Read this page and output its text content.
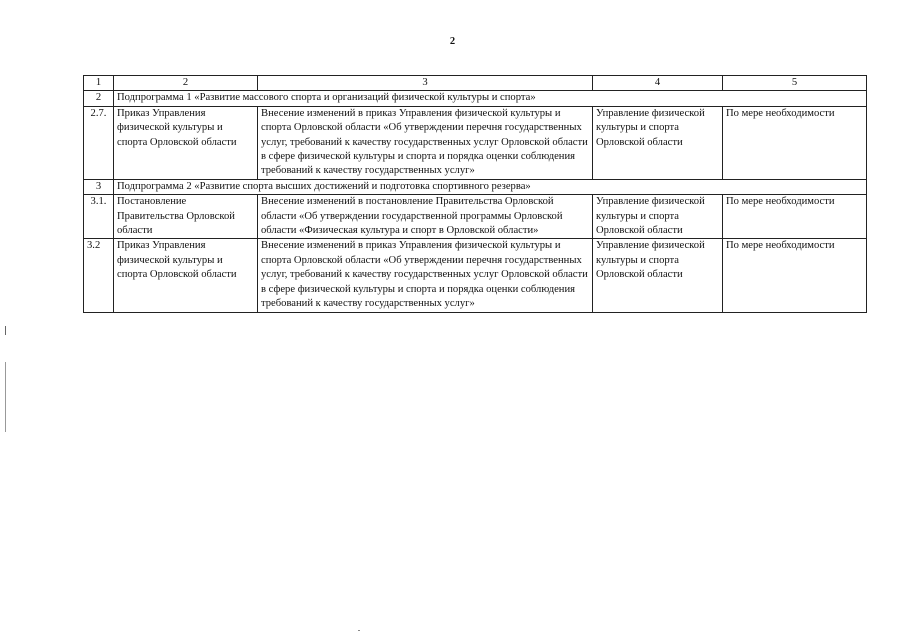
2
1	2	3	4	5
2	Подпрограмма 1 «Развитие массового спорта и организаций физической культуры и спорта»			
2.7.	Приказ Управления физической культуры и спорта Орловской области	Внесение изменений в приказ Управления физической культуры и спорта Орловской области «Об утверждении перечня государственных услуг, требований к качеству государственных услуг Орловской области в сфере физической культуры и спорта и порядка оценки соблюдения требований к качеству государственных услуг»	Управление физической культуры и спорта Орловской области	По мере необходимости
3	Подпрограмма 2 «Развитие спорта высших достижений и подготовка спортивного резерва»			
3.1.	Постановление Правительства Орловской области	Внесение изменений в постановление Правительства Орловской области «Об утверждении государственной программы Орловской области «Физическая культура и спорт в Орловской области»	Управление физической культуры и спорта Орловской области	По мере необходимости
3.2	Приказ Управления физической культуры и спорта Орловской области	Внесение изменений в приказ Управления физической культуры и спорта Орловской области «Об утверждении перечня государственных услуг, требований к качеству государственных услуг Орловской области в сфере физической культуры и спорта и порядка оценки соблюдения требований к качеству государственных услуг»	Управление физической культуры и спорта Орловской области	По мере необходимости
